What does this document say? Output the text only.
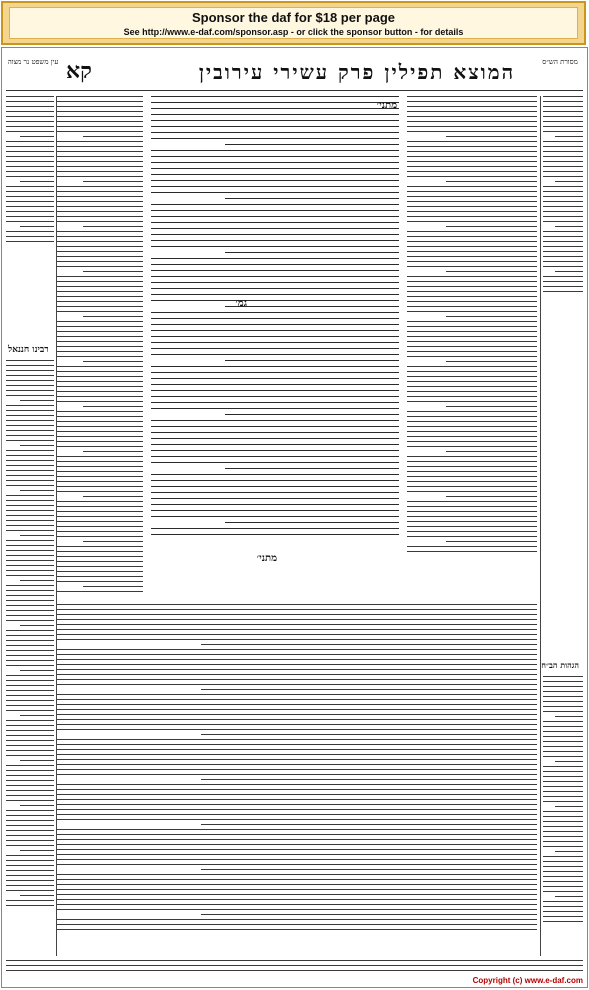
Sponsor the daf for $18 per page
See http://www.e-daf.com/sponsor.asp - or click the sponsor button - for details
מסורת הש״ס
המוצא תפילין פרק עשירי עירובין
קא
עין משפט נר מצוה
מתני׳
גמ׳
מתני׳
רבינו חננאל
הגהות הב״ח
Copyright (c) www.e-daf.com
